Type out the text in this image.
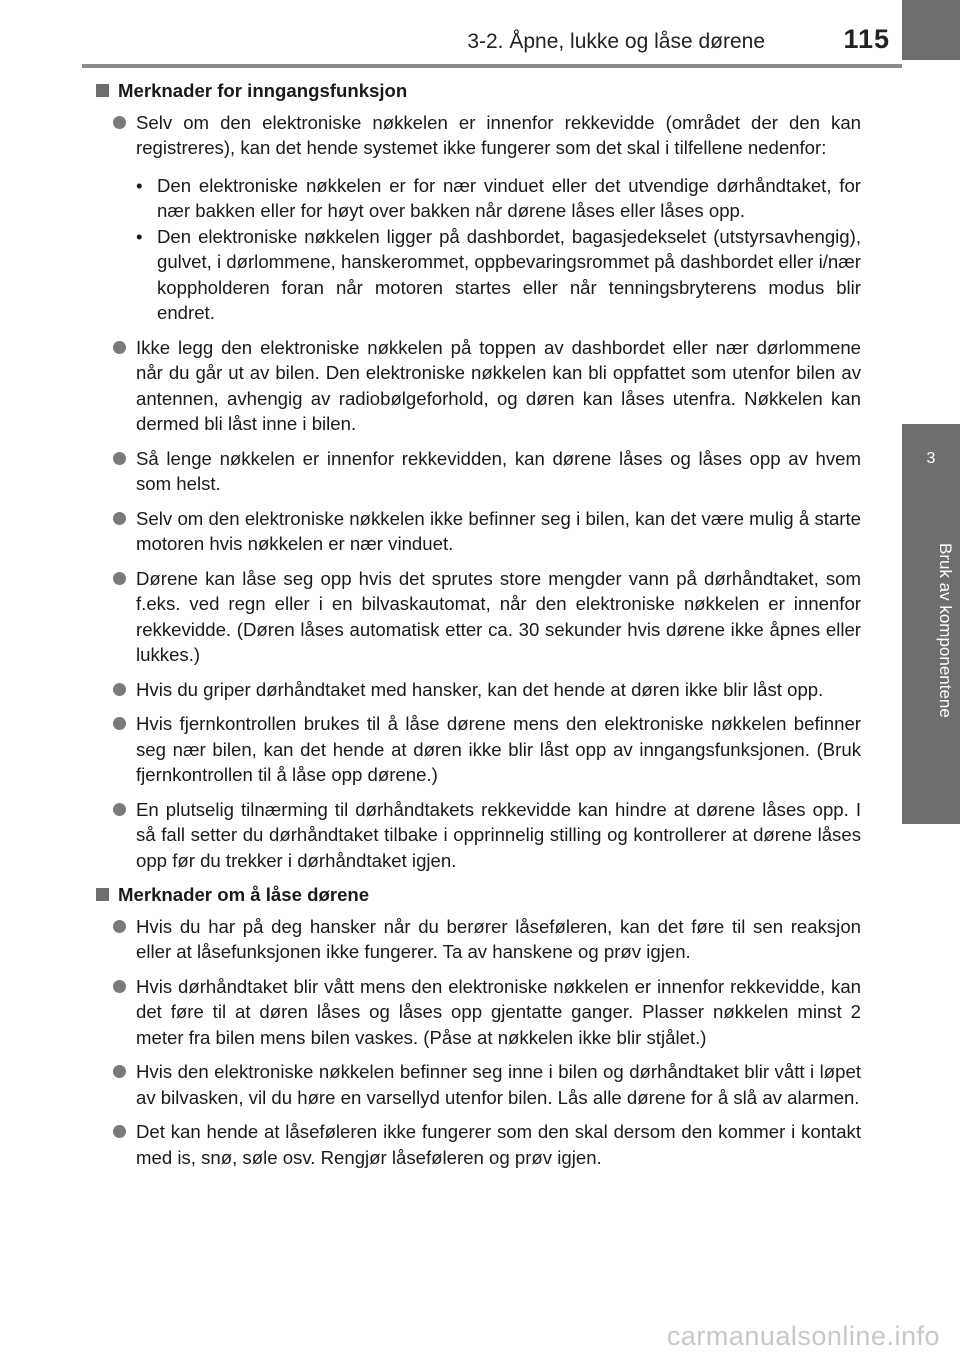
3
Bruk av komponentene
3-2. Åpne, lukke og låse dørene	115
Merknader for inngangsfunksjon
Selv om den elektroniske nøkkelen er innenfor rekkevidde (området der den kan registreres), kan det hende systemet ikke fungerer som det skal i tilfellene nedenfor:
• Den elektroniske nøkkelen er for nær vinduet eller det utvendige dørhåndtaket, for nær bakken eller for høyt over bakken når dørene låses eller låses opp.
• Den elektroniske nøkkelen ligger på dashbordet, bagasjedekselet (utstyrsavhengig), gulvet, i dørlommene, hanskerommet, oppbevaringsrommet på dashbordet eller i/nær koppholderen foran når motoren startes eller når tenningsbryterens modus blir endret.
Ikke legg den elektroniske nøkkelen på toppen av dashbordet eller nær dørlommene når du går ut av bilen. Den elektroniske nøkkelen kan bli oppfattet som utenfor bilen av antennen, avhengig av radiobølgeforhold, og døren kan låses utenfra. Nøkkelen kan dermed bli låst inne i bilen.
Så lenge nøkkelen er innenfor rekkevidden, kan dørene låses og låses opp av hvem som helst.
Selv om den elektroniske nøkkelen ikke befinner seg i bilen, kan det være mulig å starte motoren hvis nøkkelen er nær vinduet.
Dørene kan låse seg opp hvis det sprutes store mengder vann på dørhåndtaket, som f.eks. ved regn eller i en bilvaskautomat, når den elektroniske nøkkelen er innenfor rekkevidde. (Døren låses automatisk etter ca. 30 sekunder hvis dørene ikke åpnes eller lukkes.)
Hvis du griper dørhåndtaket med hansker, kan det hende at døren ikke blir låst opp.
Hvis fjernkontrollen brukes til å låse dørene mens den elektroniske nøkkelen befinner seg nær bilen, kan det hende at døren ikke blir låst opp av inngangsfunksjonen. (Bruk fjernkontrollen til å låse opp dørene.)
En plutselig tilnærming til dørhåndtakets rekkevidde kan hindre at dørene låses opp. I så fall setter du dørhåndtaket tilbake i opprinnelig stilling og kontrollerer at dørene låses opp før du trekker i dørhåndtaket igjen.
Merknader om å låse dørene
Hvis du har på deg hansker når du berører låseføleren, kan det føre til sen reaksjon eller at låsefunksjonen ikke fungerer. Ta av hanskene og prøv igjen.
Hvis dørhåndtaket blir vått mens den elektroniske nøkkelen er innenfor rekkevidde, kan det føre til at døren låses og låses opp gjentatte ganger. Plasser nøkkelen minst 2 meter fra bilen mens bilen vaskes. (Påse at nøkkelen ikke blir stjålet.)
Hvis den elektroniske nøkkelen befinner seg inne i bilen og dørhåndtaket blir vått i løpet av bilvasken, vil du høre en varsellyd utenfor bilen. Lås alle dørene for å slå av alarmen.
Det kan hende at låseføleren ikke fungerer som den skal dersom den kommer i kontakt med is, snø, søle osv. Rengjør låseføleren og prøv igjen.
carmanualsonline.info
